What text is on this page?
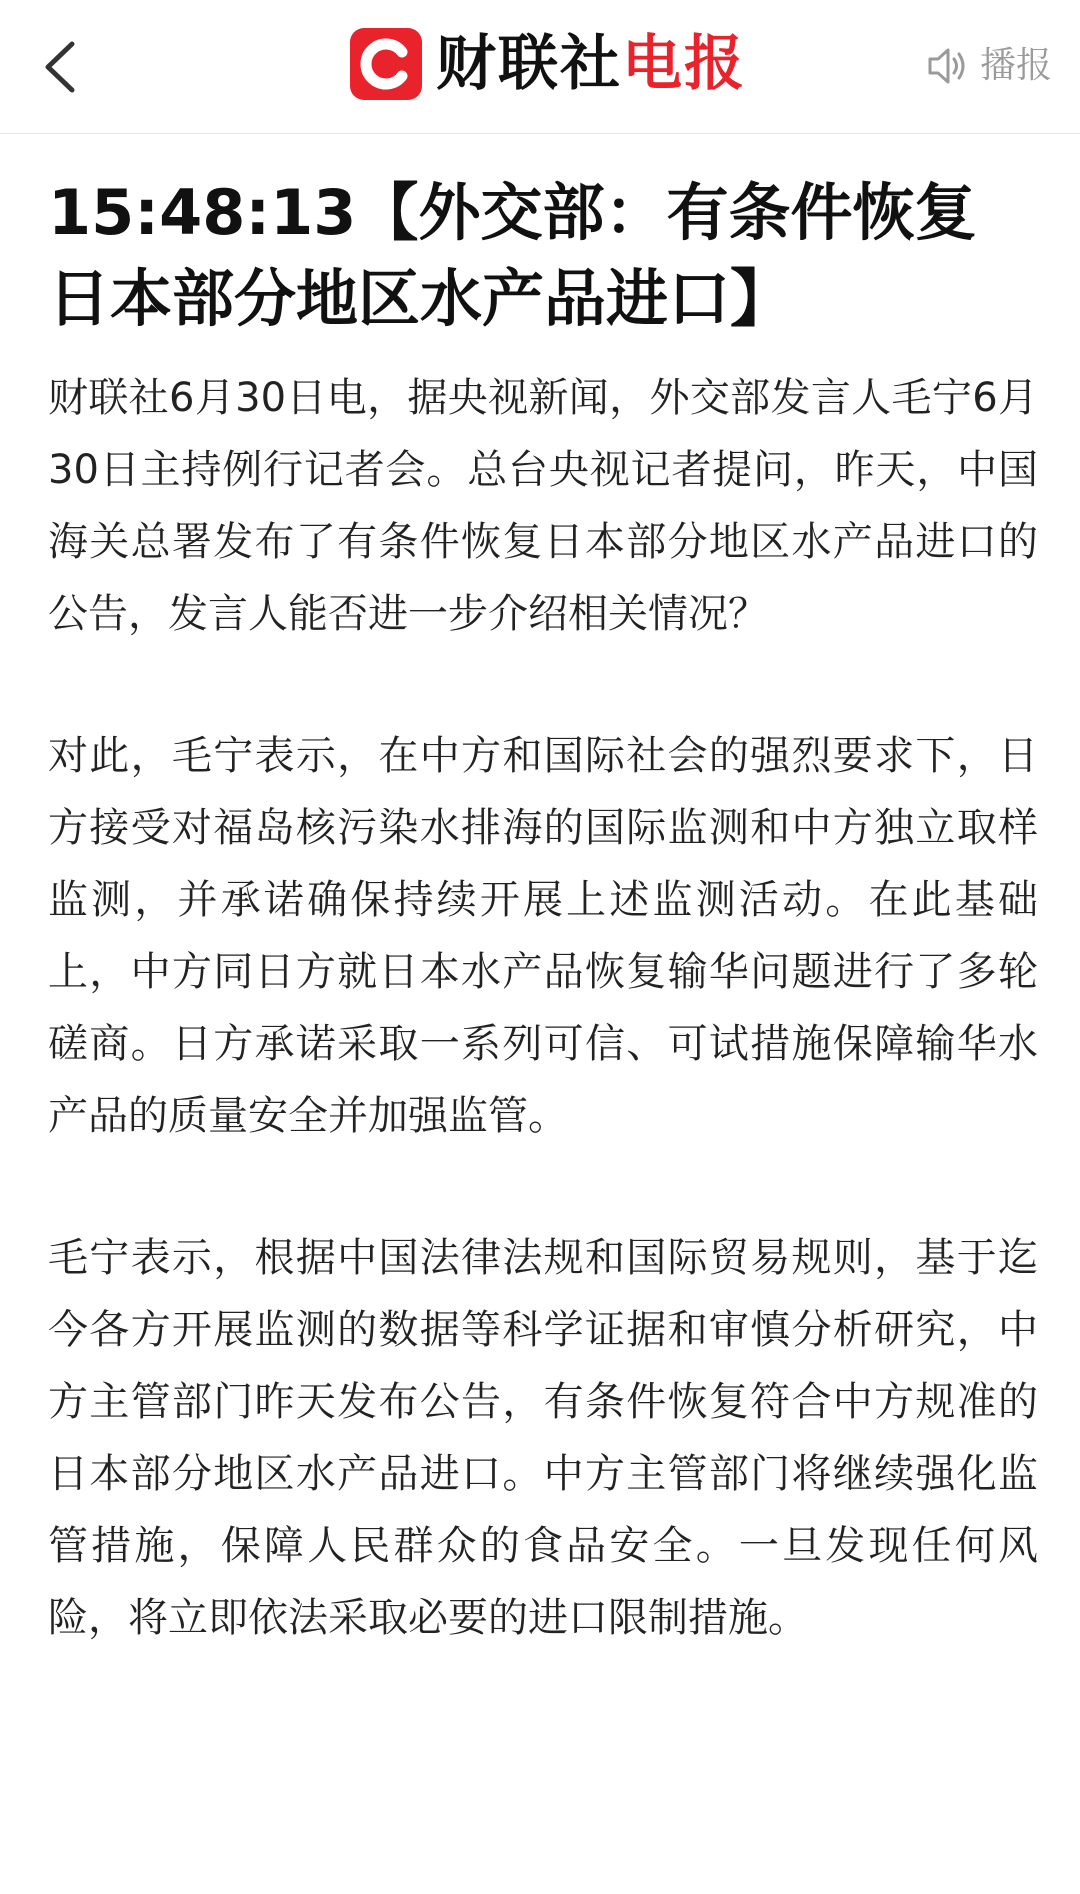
财联社 电报	播报
15:48:13【外交部：有条件恢复日本部分地区水产品进口】

财联社6月30日电，据央视新闻，外交部发言人毛宁6月30日主持例行记者会。总台央视记者提问，昨天，中国海关总署发布了有条件恢复日本部分地区水产品进口的公告，发言人能否进一步介绍相关情况？

对此，毛宁表示，在中方和国际社会的强烈要求下，日方接受对福岛核污染水排海的国际监测和中方独立取样监测，并承诺确保持续开展上述监测活动。在此基础上，中方同日方就日本水产品恢复输华问题进行了多轮磋商。日方承诺采取一系列可信、可试措施保障输华水产品的质量安全并加强监管。

毛宁表示，根据中国法律法规和国际贸易规则，基于迄今各方开展监测的数据等科学证据和审慎分析研究，中方主管部门昨天发布公告，有条件恢复符合中方规准的日本部分地区水产品进口。中方主管部门将继续强化监管措施，保障人民群众的食品安全。一旦发现任何风险，将立即依法采取必要的进口限制措施。
